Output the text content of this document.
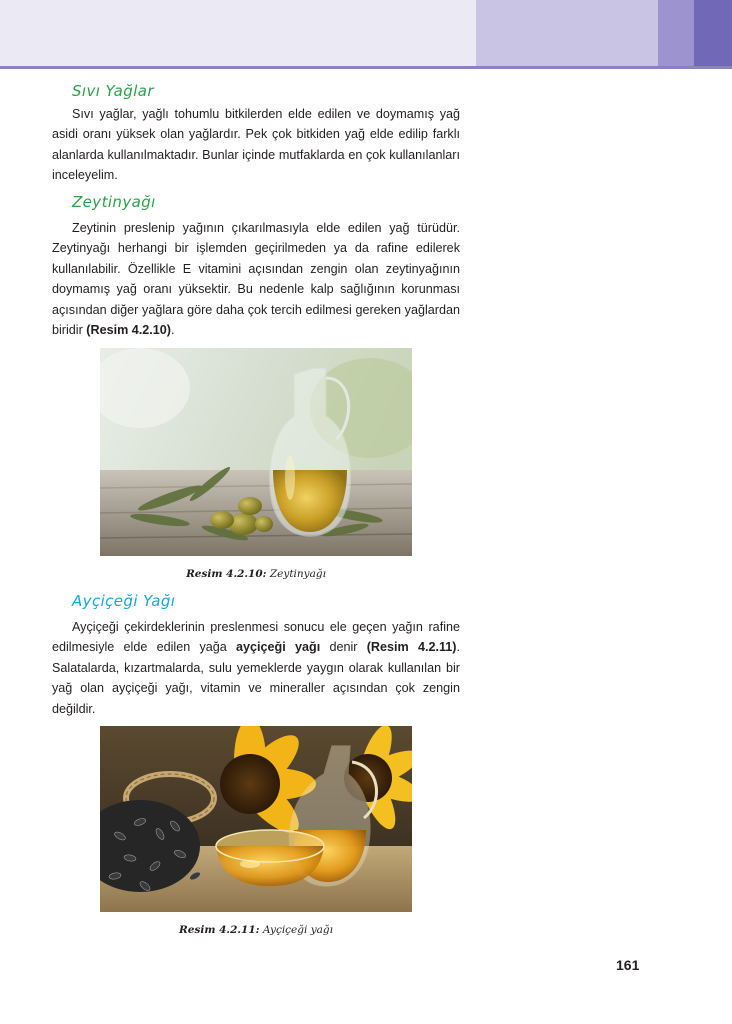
Sıvı Yağlar

Sıvı yağlar, yağlı tohumlu bitkilerden elde edilen ve doymamış yağ asidi oranı yüksek olan yağlardır. Pek çok bitkiden yağ elde edilip farklı alanlarda kullanılmaktadır. Bunlar içinde mutfaklarda en çok kullanılanları inceleyelim.

Zeytinyağı

Zeytinin preslenip yağının çıkarılmasıyla elde edilen yağ türüdür. Zeytinyağı herhangi bir işlemden geçirilmeden ya da rafine edilerek kullanılabilir. Özellikle E vitamini açısından zengin olan zeytinyağının doymamış yağ oranı yüksektir. Bu nedenle kalp sağlığının korunması açısından diğer yağlara göre daha çok tercih edilmesi gereken yağlardan biridir (Resim 4.2.10).

Resim 4.2.10: Zeytinyağı
Ayçiçeği Yağı

Ayçiçeği çekirdeklerinin preslenmesi sonucu ele geçen yağın rafine edilmesiyle elde edilen yağa ayçiçeği yağı denir (Resim 4.2.11). Salatalarda, kızartmalarda, sulu yemeklerde yaygın olarak kullanılan bir yağ olan ayçiçeği yağı, vitamin ve mineraller açısından çok zengin değildir.

Resim 4.2.11: Ayçiçeği yağı
161
